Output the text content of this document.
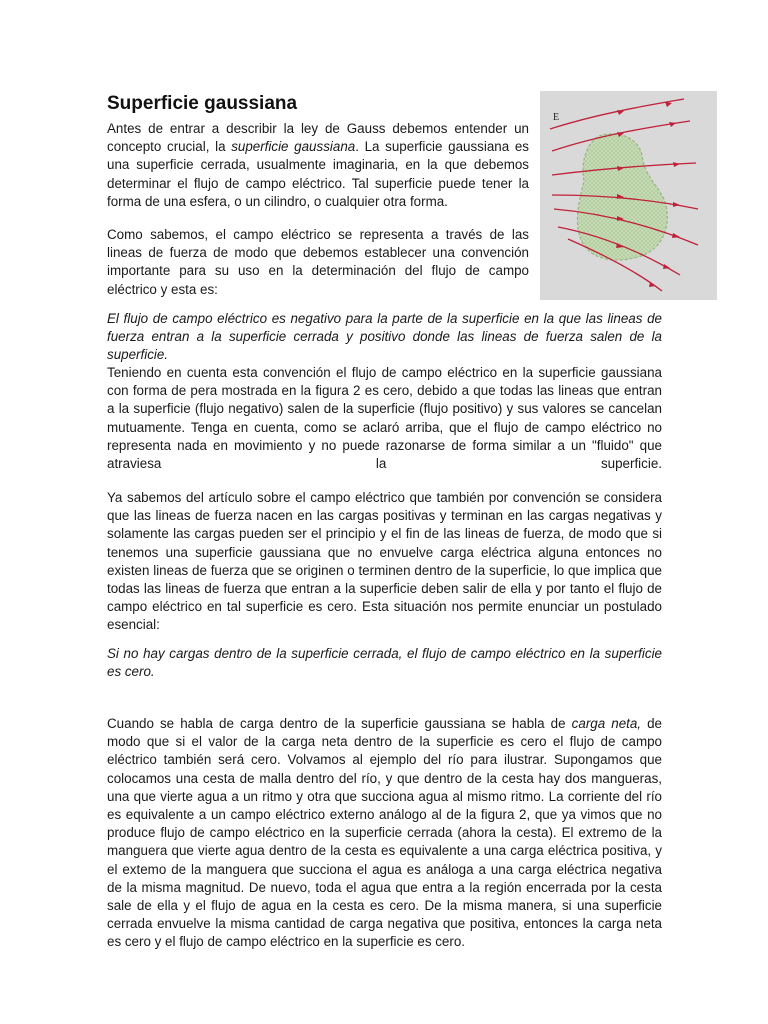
Superficie gaussiana

Antes de entrar a describir la ley de Gauss debemos entender un concepto crucial, la superficie gaussiana. La superficie gaussiana es una superficie cerrada, usualmente imaginaria, en la que debemos determinar el flujo de campo eléctrico. Tal superficie puede tener la forma de una esfera, o un cilindro, o cualquier otra forma.

Como sabemos, el campo eléctrico se representa a través de las lineas de fuerza de modo que debemos establecer una convención importante para su uso en la determinación del flujo de campo eléctrico y esta es:

E

El flujo de campo eléctrico es negativo para la parte de la superficie en la que las lineas de fuerza entran a la superficie cerrada y positivo donde las lineas de fuerza salen de la superficie.

Teniendo en cuenta esta convención el flujo de campo eléctrico en la superficie gaussiana con forma de pera mostrada en la figura 2 es cero, debido a que todas las lineas que entran a la superficie (flujo negativo) salen de la superficie (flujo positivo) y sus valores se cancelan mutuamente. Tenga en cuenta, como se aclaró arriba, que el flujo de campo eléctrico no representa nada en movimiento y no puede razonarse de forma similar a un "fluido" que atraviesa la superficie.

Ya sabemos del artículo sobre el campo eléctrico que también por convención se considera que las lineas de fuerza nacen en las cargas positivas y terminan en las cargas negativas y solamente las cargas pueden ser el principio y el fin de las lineas de fuerza, de modo que si tenemos una superficie gaussiana que no envuelve carga eléctrica alguna entonces no existen lineas de fuerza que se originen o terminen dentro de la superficie, lo que implica que todas las lineas de fuerza que entran a la superficie deben salir de ella y por tanto el flujo de campo eléctrico en tal superficie es cero. Esta situación nos permite enunciar un postulado esencial:

Si no hay cargas dentro de la superficie cerrada, el flujo de campo eléctrico en la superficie es cero.

Cuando se habla de carga dentro de la superficie gaussiana se habla de carga neta, de modo que si el valor de la carga neta dentro de la superficie es cero el flujo de campo eléctrico también será cero. Volvamos al ejemplo del río para ilustrar. Supongamos que colocamos una cesta de malla dentro del río, y que dentro de la cesta hay dos mangueras, una que vierte agua a un ritmo y otra que succiona agua al mismo ritmo. La corriente del río es equivalente a un campo eléctrico externo análogo al de la figura 2, que ya vimos que no produce flujo de campo eléctrico en la superficie cerrada (ahora la cesta). El extremo de la manguera que vierte agua dentro de la cesta es equivalente a una carga eléctrica positiva, y el extemo de la manguera que succiona el agua es análoga a una carga eléctrica negativa de la misma magnitud. De nuevo, toda el agua que entra a la región encerrada por la cesta sale de ella y el flujo de agua en la cesta es cero. De la misma manera, si una superficie cerrada envuelve la misma cantidad de carga negativa que positiva, entonces la carga neta es cero y el flujo de campo eléctrico en la superficie es cero.
